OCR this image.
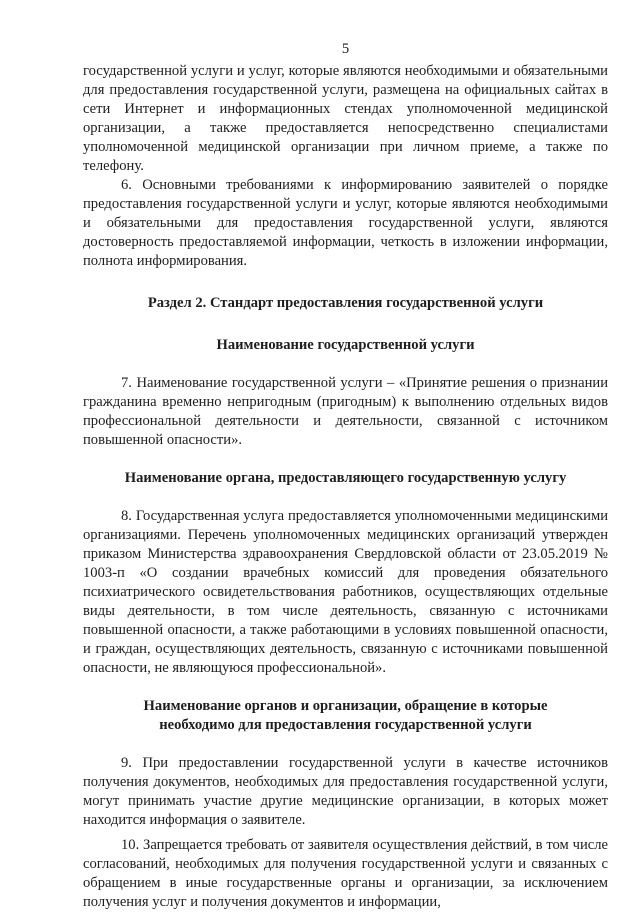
5

государственной услуги и услуг, которые являются необходимыми и обязательными для предоставления государственной услуги, размещена на официальных сайтах в сети Интернет и информационных стендах уполномоченной медицинской организации, а также предоставляется непосредственно специалистами уполномоченной медицинской организации при личном приеме, а также по телефону.

6. Основными требованиями к информированию заявителей о порядке предоставления государственной услуги и услуг, которые являются необходимыми и обязательными для предоставления государственной услуги, являются достоверность предоставляемой информации, четкость в изложении информации, полнота информирования.

Раздел 2. Стандарт предоставления государственной услуги

Наименование государственной услуги

7. Наименование государственной услуги – «Принятие решения о признании гражданина временно непригодным (пригодным) к выполнению отдельных видов профессиональной деятельности и деятельности, связанной с источником повышенной опасности».

Наименование органа, предоставляющего государственную услугу

8. Государственная услуга предоставляется уполномоченными медицинскими организациями. Перечень уполномоченных медицинских организаций утвержден приказом Министерства здравоохранения Свердловской области от 23.05.2019 № 1003-п «О создании врачебных комиссий для проведения обязательного психиатрического освидетельствования работников, осуществляющих отдельные виды деятельности, в том числе деятельность, связанную с источниками повышенной опасности, а также работающими в условиях повышенной опасности, и граждан, осуществляющих деятельность, связанную с источниками повышенной опасности, не являющуюся профессиональной».

Наименование органов и организации, обращение в которые

необходимо для предоставления государственной услуги

9. При предоставлении государственной услуги в качестве источников получения документов, необходимых для предоставления государственной услуги, могут принимать участие другие медицинские организации, в которых может находится информация о заявителе.

10. Запрещается требовать от заявителя осуществления действий, в том числе согласований, необходимых для получения государственной услуги и связанных с обращением в иные государственные органы и организации, за исключением получения услуг и получения документов и информации,
